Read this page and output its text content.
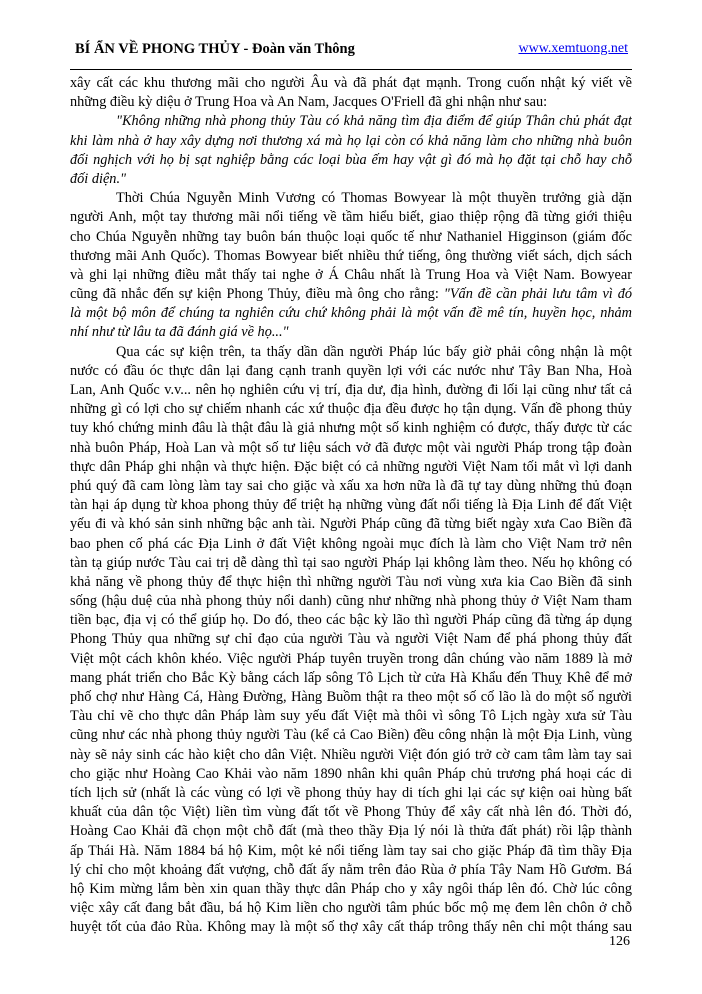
BÍ ẨN VỀ PHONG THỦY - Đoàn văn Thông	www.xemtuong.net
xây cất các khu thương mãi cho người Âu và đã phát đạt mạnh. Trong cuốn nhật ký viết về
những điều kỳ diệu ở Trung Hoa và An Nam, Jacques O'Friell đã ghi nhận như sau:
"Không những nhà phong thủy Tàu có khả năng tìm địa điểm để giúp Thân chủ phát đạt
khi làm nhà ở hay xây dựng nơi thương xá mà họ lại còn có khả năng làm cho những nhà buôn
đối nghịch với họ bị sạt nghiệp bằng các loại bùa ếm hay vật gì đó mà họ đặt tại chỗ hay chỗ
đối diện."
Thời Chúa Nguyễn Minh Vương có Thomas Bowyear là một thuyền trưởng già dặn
người Anh, một tay thương mãi nổi tiếng về tầm hiểu biết, giao thiệp rộng đã từng giới thiệu
cho Chúa Nguyễn những tay buôn bán thuộc loại quốc tế như Nathaniel Higginson (giám đốc
thương mãi Anh Quốc). Thomas Bowyear biết nhiều thứ tiếng, ông thường viết sách, dịch sách
và ghi lại những điều mắt thấy tai nghe ở Á Châu nhất là Trung Hoa và Việt Nam. Bowyear
cũng đã nhắc đến sự kiện Phong Thủy, điều mà ông cho rằng: "Vấn đề cần phải lưu tâm vì đó
là một bộ môn để chúng ta nghiên cứu chứ không phải là một vấn đề mê tín, huyền học, nhảm
nhí như từ lâu ta đã đánh giá về họ..."
Qua các sự kiện trên, ta thấy dần dần người Pháp lúc bấy giờ phải công nhận là một
nước có đầu óc thực dân lại đang cạnh tranh quyền lợi với các nước như Tây Ban Nha, Hoà
Lan, Anh Quốc v.v... nên họ nghiên cứu vị trí, địa dư, địa hình, đường đi lối lại cũng như tất cả
những gì có lợi cho sự chiếm nhanh các xứ thuộc địa đều được họ tận dụng. Vấn đề phong thủy
tuy khó chứng minh đâu là thật đâu là giả nhưng một số kinh nghiệm có được, thấy được từ các
nhà buôn Pháp, Hoà Lan và một số tư liệu sách vở đã được một vài người Pháp trong tập đoàn
thực dân Pháp ghi nhận và thực hiện. Đặc biệt có cả những người Việt Nam tối mắt vì lợi danh
phú quý đã cam lòng làm tay sai cho giặc và xấu xa hơn nữa là đã tự tay dùng những thủ đoạn
tàn hại áp dụng từ khoa phong thủy để triệt hạ những vùng đất nổi tiếng là Địa Linh để đất Việt
yếu đi và khó sản sinh những bậc anh tài. Người Pháp cũng đã từng biết ngày xưa Cao Biền đã
bao phen cố phá các Địa Linh ở đất Việt không ngoài mục đích là làm cho Việt Nam trở nên
tàn tạ giúp nước Tàu cai trị dễ dàng thì tại sao người Pháp lại không làm theo. Nếu họ không có
khả năng về phong thủy để thực hiện thì những người Tàu nơi vùng xưa kia Cao Biền đã sinh
sống (hậu duệ của nhà phong thủy nổi danh) cũng như những nhà phong thủy ở Việt Nam tham
tiền bạc, địa vị có thể giúp họ. Do đó, theo các bậc kỳ lão thì người Pháp cũng đã từng áp dụng
Phong Thủy qua những sự chỉ đạo của người Tàu và người Việt Nam để phá phong thủy đất
Việt một cách khôn khéo. Việc người Pháp tuyên truyền trong dân chúng vào năm 1889 là mở
mang phát triển cho Bắc Kỳ bằng cách lấp sông Tô Lịch từ cửa Hà Khẩu đến Thuỵ Khê để mở
phố chợ như Hàng Cá, Hàng Đường, Hàng Buồm thật ra theo một số cố lão là do một số người
Tàu chỉ vẽ cho thực dân Pháp làm suy yếu đất Việt mà thôi vì sông Tô Lịch ngày xưa sử Tàu
cũng như các nhà phong thủy người Tàu (kể cả Cao Biền) đều công nhận là một Địa Linh, vùng
này sẽ nảy sinh các hào kiệt cho dân Việt. Nhiều người Việt đón gió trở cờ cam tâm làm tay sai
cho giặc như Hoàng Cao Khải vào năm 1890 nhân khi quân Pháp chủ trương phá hoại các di
tích lịch sử (nhất là các vùng có lợi về phong thủy hay di tích ghi lại các sự kiện oai hùng bất
khuất của dân tộc Việt) liền tìm vùng đất tốt về Phong Thủy để xây cất nhà lên đó. Thời đó,
Hoàng Cao Khải đã chọn một chỗ đất (mà theo thầy Địa lý nói là thửa đất phát) rồi lập thành
ấp Thái Hà. Năm 1884 bá hộ Kim, một kẻ nổi tiếng làm tay sai cho giặc Pháp đã tìm thầy Địa
lý chỉ cho một khoảng đất vượng, chỗ đất ấy nằm trên đảo Rùa ở phía Tây Nam Hồ Gươm. Bá
hộ Kim mừng lắm bèn xin quan thầy thực dân Pháp cho y xây ngôi tháp lên đó. Chờ lúc công
việc xây cất đang bắt đầu, bá hộ Kim liền cho người tâm phúc bốc mộ mẹ đem lên chôn ở chỗ
huyệt tốt của đảo Rùa. Không may là một số thợ xây cất tháp trông thấy nên chỉ một tháng sau
126
